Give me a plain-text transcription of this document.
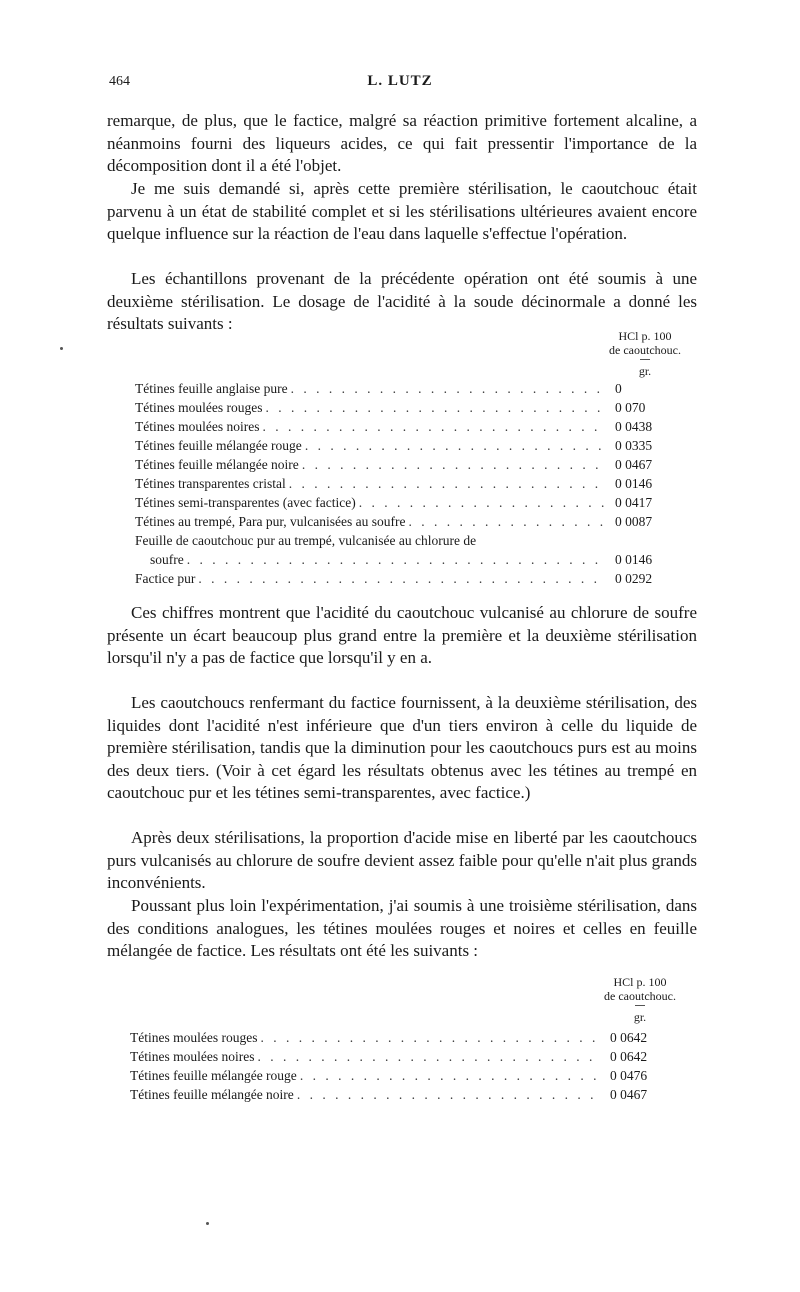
464	L. LUTZ

remarque, de plus, que le factice, malgré sa réaction primitive fortement alcaline, a néanmoins fourni des liqueurs acides, ce qui fait pressentir l'importance de la décomposition dont il a été l'objet.

Je me suis demandé si, après cette première stérilisation, le caoutchouc était parvenu à un état de stabilité complet et si les stérilisations ultérieures avaient encore quelque influence sur la réaction de l'eau dans laquelle s'effectue l'opération.

Les échantillons provenant de la précédente opération ont été soumis à une deuxième stérilisation. Le dosage de l'acidité à la soude décinormale a donné les résultats suivants :

HCl p. 100
de caoutchouc.
gr.
Tétines feuille anglaise pure . . .	0
Tétines moulées rouges . . .	0 070
Tétines moulées noires . . .	0 0438
Tétines feuille mélangée rouge . . .	0 0335
Tétines feuille mélangée noire . . .	0 0467
Tétines transparentes cristal . . .	0 0146
Tétines semi-transparentes (avec factice) . . .	0 0417
Tétines au trempé, Para pur, vulcanisées au soufre . . .	0 0087
Feuille de caoutchouc pur au trempé, vulcanisée au chlorure de
soufre . . .	0 0146
Factice pur . . .	0 0292

Ces chiffres montrent que l'acidité du caoutchouc vulcanisé au chlorure de soufre présente un écart beaucoup plus grand entre la première et la deuxième stérilisation lorsqu'il n'y a pas de factice que lorsqu'il y en a.

Les caoutchoucs renfermant du factice fournissent, à la deuxième stérilisation, des liquides dont l'acidité n'est inférieure que d'un tiers environ à celle du liquide de première stérilisation, tandis que la diminution pour les caoutchoucs purs est au moins des deux tiers. (Voir à cet égard les résultats obtenus avec les tétines au trempé en caoutchouc pur et les tétines semi-transparentes, avec factice.)

Après deux stérilisations, la proportion d'acide mise en liberté par les caoutchoucs purs vulcanisés au chlorure de soufre devient assez faible pour qu'elle n'ait plus grands inconvénients.

Poussant plus loin l'expérimentation, j'ai soumis à une troisième stérilisation, dans des conditions analogues, les tétines moulées rouges et noires et celles en feuille mélangée de factice. Les résultats ont été les suivants :

HCl p. 100
de caoutchouc.
gr.
Tétines moulées rouges . . .	0 0642
Tétines moulées noires . . .	0 0642
Tétines feuille mélangée rouge . . .	0 0476
Tétines feuille mélangée noire . . .	0 0467
